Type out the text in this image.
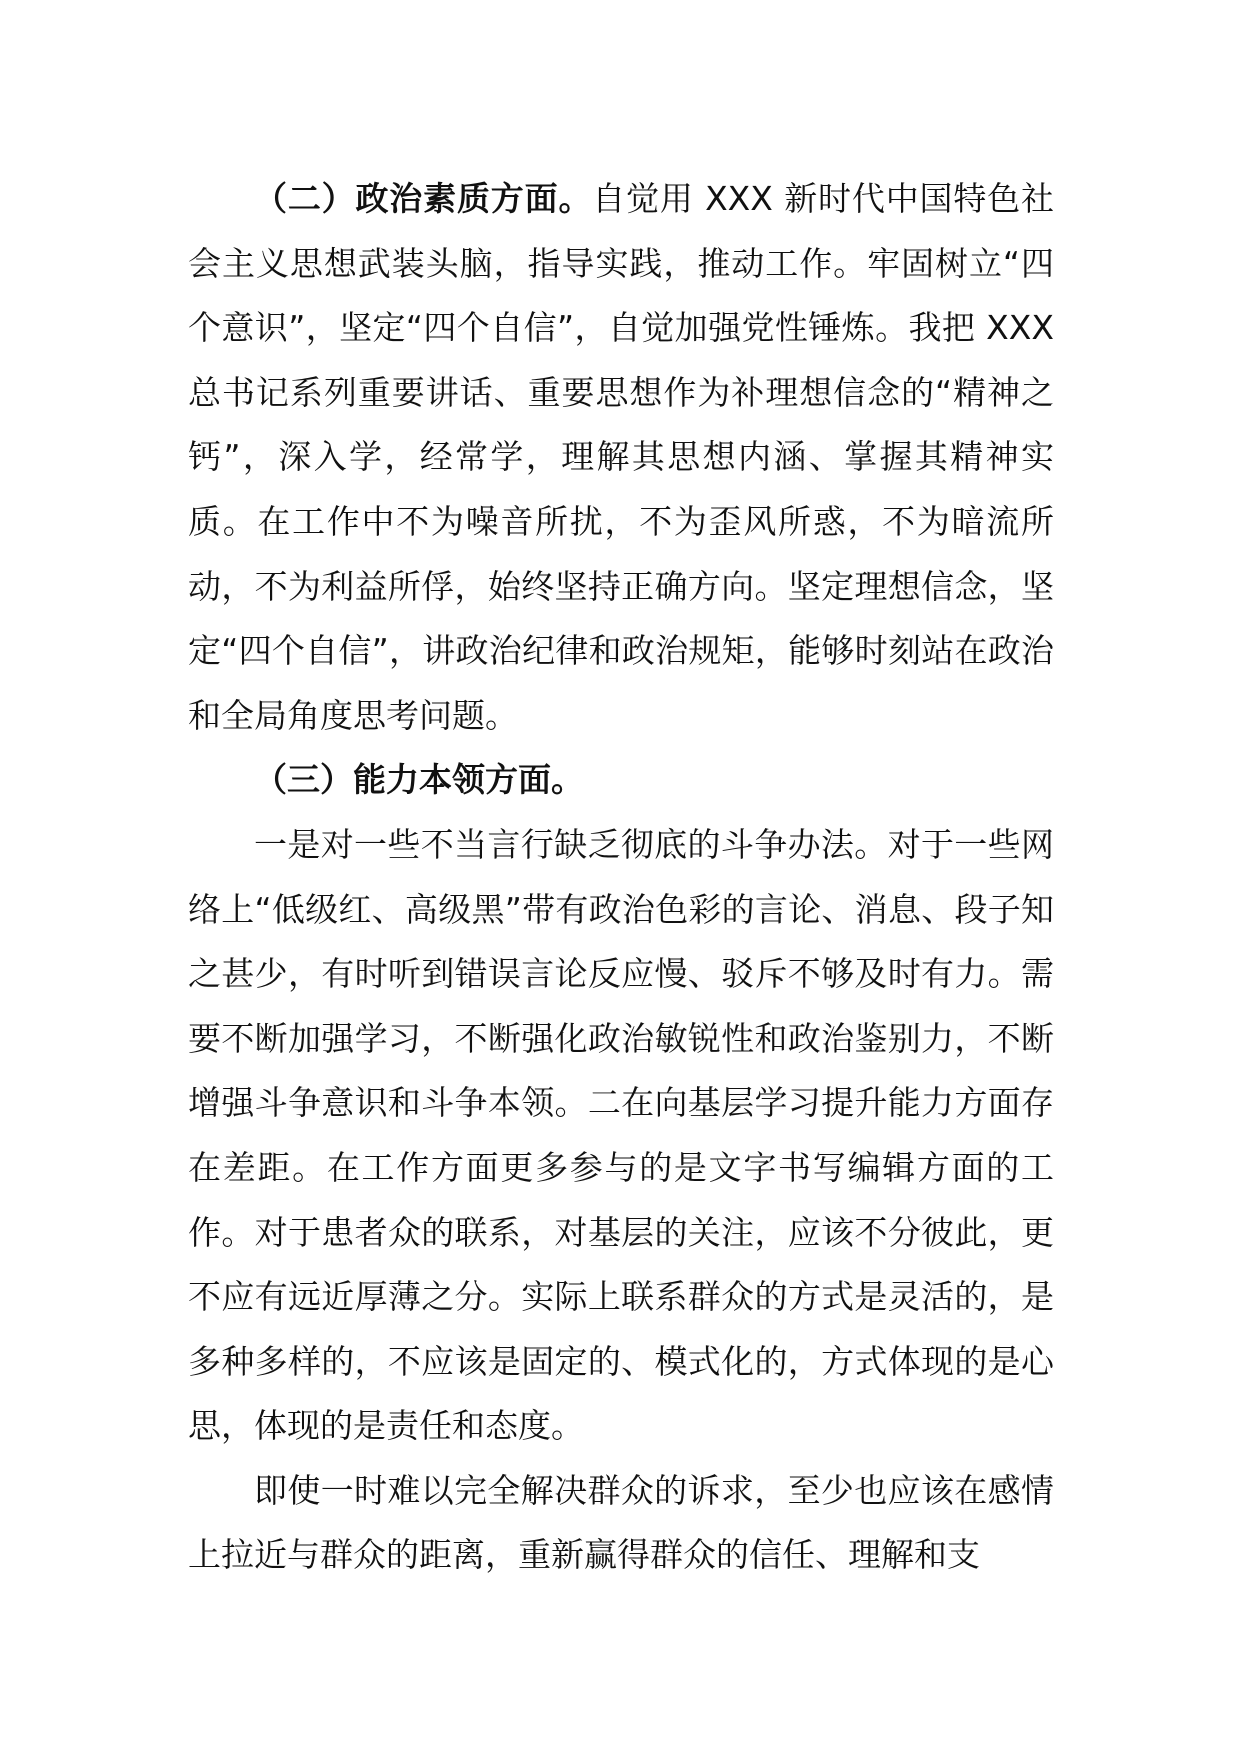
（二）政治素质方面。自觉用 XXX 新时代中国特色社会主义思想武装头脑，指导实践，推动工作。牢固树立“四个意识”，坚定“四个自信”，自觉加强党性锤炼。我把 XXX 总书记系列重要讲话、重要思想作为补理想信念的“精神之钙”，深入学，经常学，理解其思想内涵、掌握其精神实质。在工作中不为噪音所扰，不为歪风所惑，不为暗流所动，不为利益所俘，始终坚持正确方向。坚定理想信念，坚定“四个自信”，讲政治纪律和政治规矩，能够时刻站在政治和全局角度思考问题。

（三）能力本领方面。

一是对一些不当言行缺乏彻底的斗争办法。对于一些网络上“低级红、高级黑”带有政治色彩的言论、消息、段子知之甚少，有时听到错误言论反应慢、驳斥不够及时有力。需要不断加强学习，不断强化政治敏锐性和政治鉴别力，不断增强斗争意识和斗争本领。二在向基层学习提升能力方面存在差距。在工作方面更多参与的是文字书写编辑方面的工作。对于患者众的联系，对基层的关注，应该不分彼此，更不应有远近厚薄之分。实际上联系群众的方式是灵活的，是多种多样的，不应该是固定的、模式化的，方式体现的是心思，体现的是责任和态度。

即使一时难以完全解决群众的诉求，至少也应该在感情上拉近与群众的距离，重新赢得群众的信任、理解和支
